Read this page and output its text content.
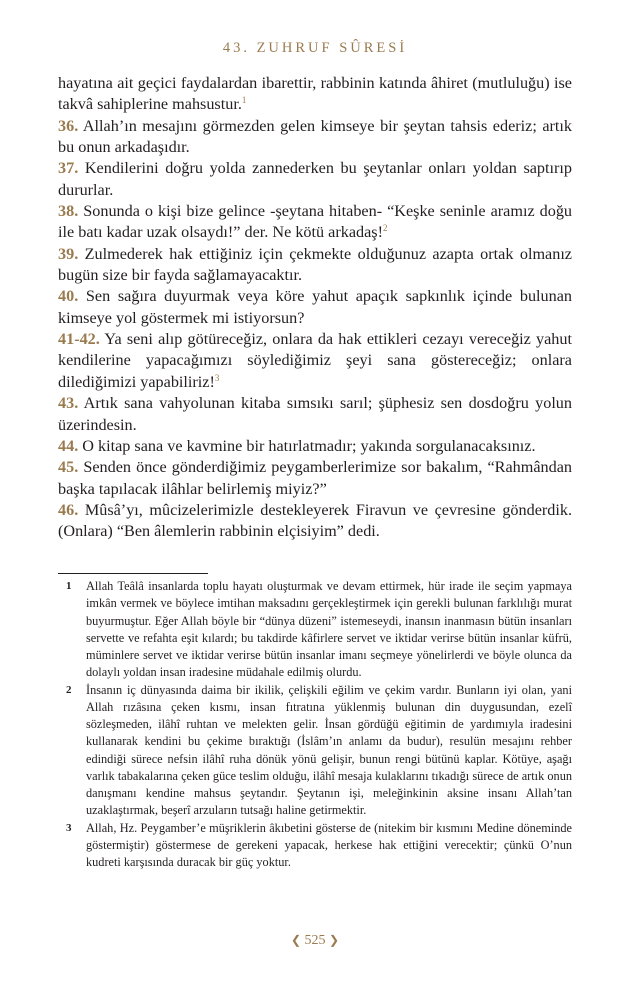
43. ZUHRUF SÛRESİ

hayatına ait geçici faydalardan ibarettir, rabbinin katında âhiret (mutluluğu) ise takvâ sahiplerine mahsustur.$^1$

36. Allah’ın mesajını görmezden gelen kimseye bir şeytan tahsis ederiz; artık bu onun arkadaşıdır.

37. Kendilerini doğru yolda zannederken bu şeytanlar onları yoldan saptırıp dururlar.

38. Sonunda o kişi bize gelince -şeytana hitaben- “Keşke seninle aramız doğu ile batı kadar uzak olsaydı!” der. Ne kötü arkadaş!$^2$

39. Zulmederek hak ettiğiniz için çekmekte olduğunuz azapta ortak olmanız bugün size bir fayda sağlamayacaktır.

40. Sen sağıra duyurmak veya köre yahut apaçık sapkınlık içinde bulunan kimseye yol göstermek mi istiyorsun?

41-42. Ya seni alıp götüreceğiz, onlara da hak ettikleri cezayı vereceğiz yahut kendilerine yapacağımızı söylediğimiz şeyi sana göstereceğiz; onlara dilediğimizi yapabiliriz!$^3$

43. Artık sana vahyolunan kitaba sımsıkı sarıl; şüphesiz sen dosdoğru yolun üzerindesin.

44. O kitap sana ve kavmine bir hatırlatmadır; yakında sorgulanacaksınız.

45. Senden önce gönderdiğimiz peygamberlerimize sor bakalım, “Rahmândan başka tapılacak ilâhlar belirlemiş miyiz?”

46. Mûsâ’yı, mûcizelerimizle destekleyerek Firavun ve çevresine gönderdik. (Onlara) “Ben âlemlerin rabbinin elçisiyim” dedi.

1	Allah Teâlâ insanlarda toplu hayatı oluşturmak ve devam ettirmek, hür irade ile seçim yapmaya imkân vermek ve böylece imtihan maksadını gerçekleştirmek için gerekli bulunan farklılığı murat buyurmuştur. Eğer Allah böyle bir “dünya düzeni” istemeseydi, inansın inanmasın bütün insanları servette ve refahta eşit kılardı; bu takdirde kâfirlere servet ve iktidar verirse bütün insanlar küfrü, müminlere servet ve iktidar verirse bütün insanlar imanı seçmeye yönelirlerdi ve böyle olunca da dolaylı yoldan insan iradesine müdahale edilmiş olurdu.
2	İnsanın iç dünyasında daima bir ikilik, çelişkili eğilim ve çekim vardır. Bunların iyi olan, yani Allah rızâsına çeken kısmı, insan fıtratına yüklenmiş bulunan din duygusundan, ezelî sözleşmeden, ilâhî ruhtan ve melekten gelir. İnsan gördüğü eğitimin de yardımıyla iradesini kullanarak kendini bu çekime bıraktığı (İslâm’ın anlamı da budur), resulün mesajını rehber edindiği sürece nefsin ilâhî ruha dönük yönü gelişir, bunun rengi bütünü kaplar. Kötüye, aşağı varlık tabakalarına çeken güce teslim olduğu, ilâhî mesaja kulaklarını tıkadığı sürece de artık onun danışmanı kendine mahsus şeytandır. Şeytanın işi, meleğinkinin aksine insanı Allah’tan uzaklaştırmak, beşerî arzuların tutsağı haline getirmektir.
3	Allah, Hz. Peygamber’e müşriklerin âkıbetini gösterse de (nitekim bir kısmını Medine döneminde göstermiştir) göstermese de gerekeni yapacak, herkese hak ettiğini verecektir; çünkü O’nun kudreti karşısında duracak bir güç yoktur.
❮ 525 ❯
